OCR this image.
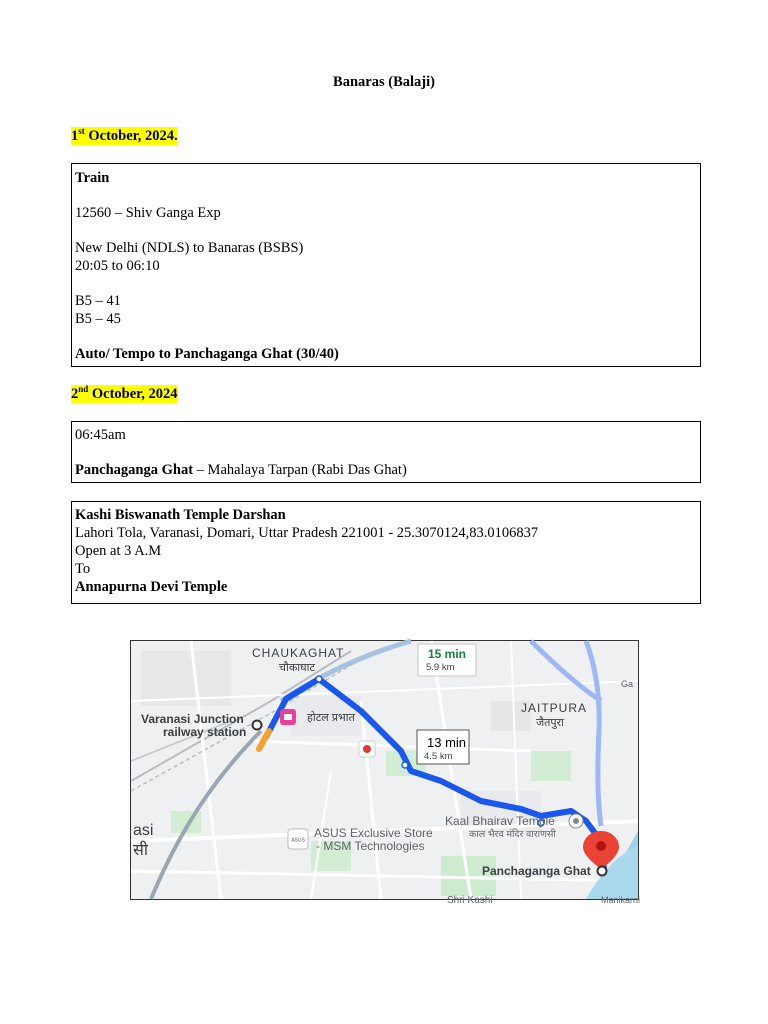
Banaras (Balaji)
1st October, 2024.
Train
12560 – Shiv Ganga Exp
New Delhi (NDLS) to Banaras (BSBS)
20:05 to 06:10
B5 – 41
B5 – 45
Auto/ Tempo to Panchaganga Ghat (30/40)
2nd October, 2024
06:45am
Panchaganga Ghat – Mahalaya Tarpan (Rabi Das Ghat)
Kashi Biswanath Temple Darshan
Lahori Tola, Varanasi, Domari, Uttar Pradesh 221001 - 25.3070124,83.0106837
Open at 3 A.M
To
Annapurna Devi Temple
ASUS
15 min
5.9 km
13 min
4.5 km
CHAUKAGHAT
चौकाघाट
JAITPURA
जैतपुरा
Varanasi Junction
railway station
होटल प्रभात
Kaal Bhairav Temple
काल भैरव मंदिर वाराणसी
ASUS Exclusive Store
- MSM Technologies
Panchaganga Ghat
Shri Kashi	Manikarni
asi
सी
Ga
